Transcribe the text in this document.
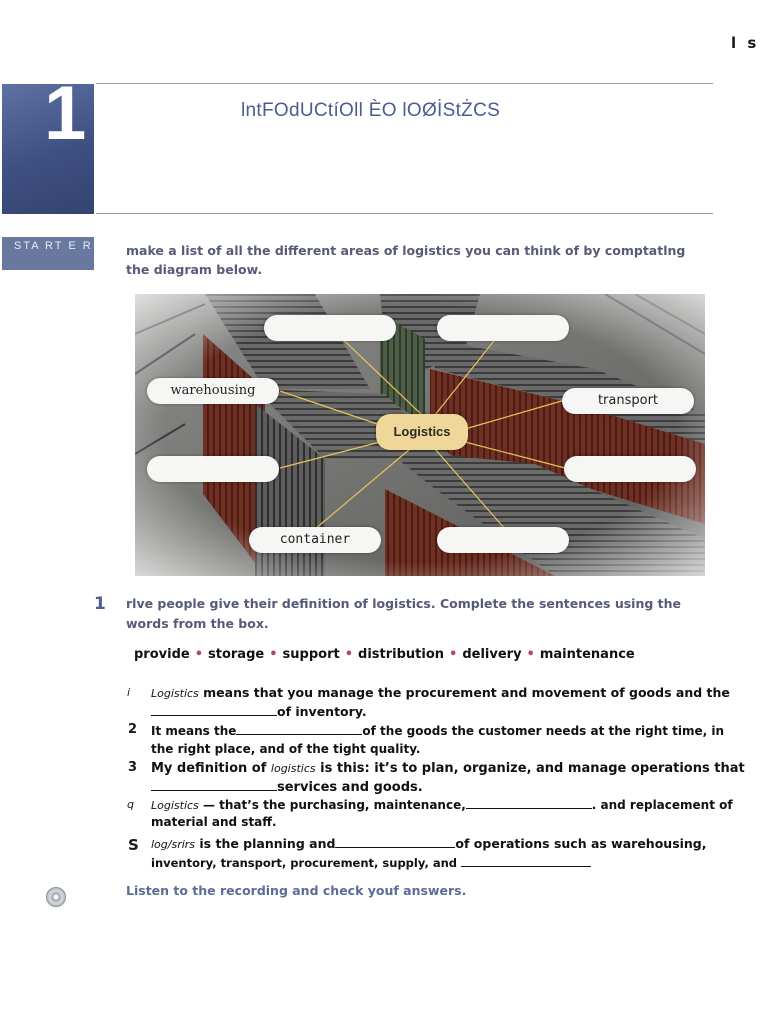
l s
1	lntFOdUCtíOll ÈO lOØİStŻCS
STA RT E R	make a list of all the different areas of logistics you can think of by comptatlng the diagram below.
warehousing
transport
Logistics
container
1 rlve people give their definition of logistics. Complete the sentences using the words from the box.
provide • storage • support • distribution • delivery • maintenance
i Logistics means that you manage the procurement and movement of goods and the
of inventory.
2 It means the	of the goods the customer needs at the right time, in
the right place, and of the tight quality.
3 My definition of logistics is this: it’s to plan, organize, and manage operations that
services and goods.
q Logistics — that’s the purchasing, maintenance,	. and replacement of
material and staff.
S log/srirs is the planning and	of operations such as warehousing,
inventory, transport, procurement, supply, and
Listen to the recording and check youf answers.
